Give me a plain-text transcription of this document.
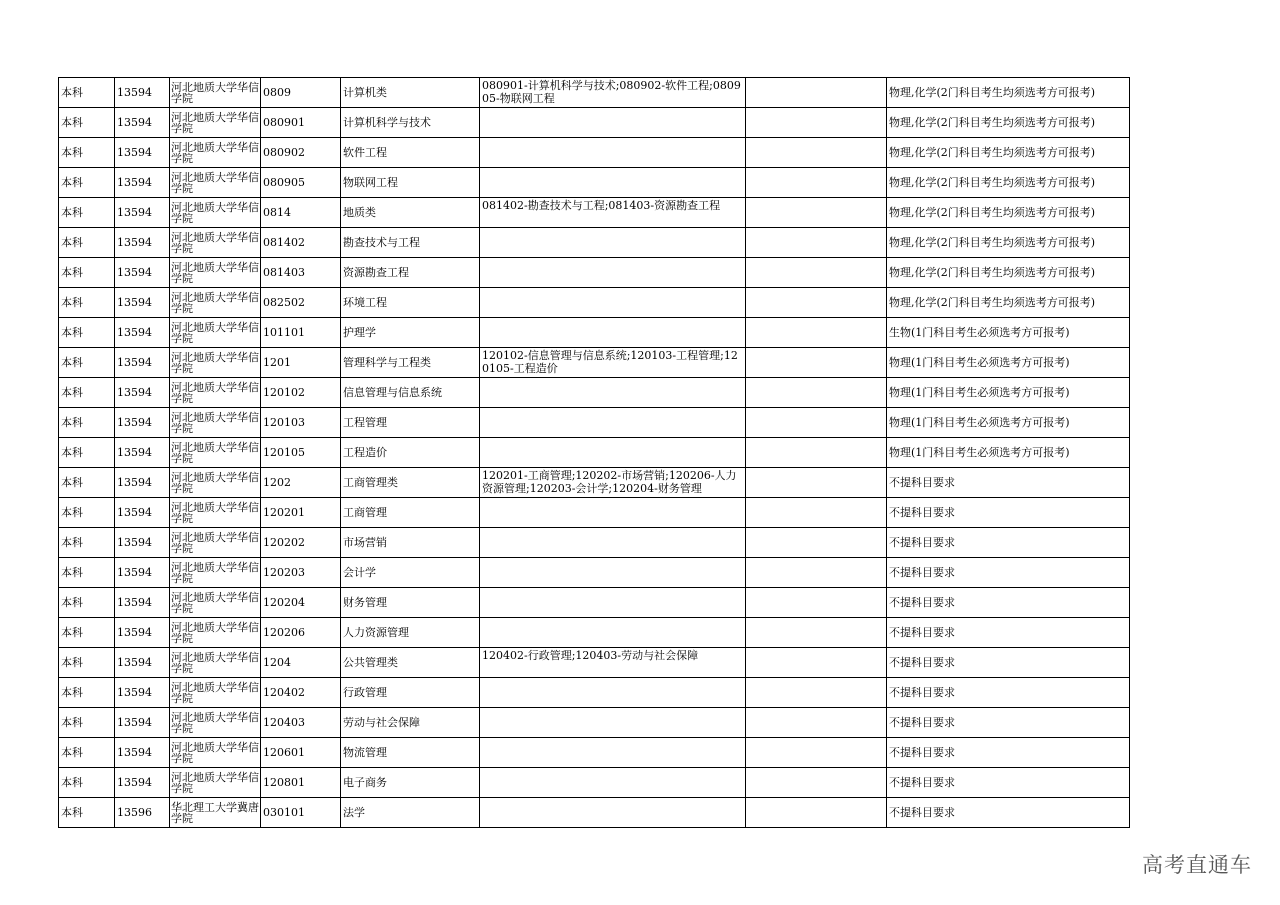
本科	13594	河北地质大学华信学院	0809	计算机类	080901-计算机科学与技术;080902-软件工程;080905-物联网工程		物理,化学(2门科目考生均须选考方可报考)
本科	13594	河北地质大学华信学院	080901	计算机科学与技术			物理,化学(2门科目考生均须选考方可报考)
本科	13594	河北地质大学华信学院	080902	软件工程			物理,化学(2门科目考生均须选考方可报考)
本科	13594	河北地质大学华信学院	080905	物联网工程			物理,化学(2门科目考生均须选考方可报考)
本科	13594	河北地质大学华信学院	0814	地质类	081402-勘查技术与工程;081403-资源勘查工程		物理,化学(2门科目考生均须选考方可报考)
本科	13594	河北地质大学华信学院	081402	勘查技术与工程			物理,化学(2门科目考生均须选考方可报考)
本科	13594	河北地质大学华信学院	081403	资源勘查工程			物理,化学(2门科目考生均须选考方可报考)
本科	13594	河北地质大学华信学院	082502	环境工程			物理,化学(2门科目考生均须选考方可报考)
本科	13594	河北地质大学华信学院	101101	护理学			生物(1门科目考生必须选考方可报考)
本科	13594	河北地质大学华信学院	1201	管理科学与工程类	120102-信息管理与信息系统;120103-工程管理;120105-工程造价		物理(1门科目考生必须选考方可报考)
本科	13594	河北地质大学华信学院	120102	信息管理与信息系统			物理(1门科目考生必须选考方可报考)
本科	13594	河北地质大学华信学院	120103	工程管理			物理(1门科目考生必须选考方可报考)
本科	13594	河北地质大学华信学院	120105	工程造价			物理(1门科目考生必须选考方可报考)
本科	13594	河北地质大学华信学院	1202	工商管理类	120201-工商管理;120202-市场营销;120206-人力资源管理;120203-会计学;120204-财务管理		不提科目要求
本科	13594	河北地质大学华信学院	120201	工商管理			不提科目要求
本科	13594	河北地质大学华信学院	120202	市场营销			不提科目要求
本科	13594	河北地质大学华信学院	120203	会计学			不提科目要求
本科	13594	河北地质大学华信学院	120204	财务管理			不提科目要求
本科	13594	河北地质大学华信学院	120206	人力资源管理			不提科目要求
本科	13594	河北地质大学华信学院	1204	公共管理类	120402-行政管理;120403-劳动与社会保障		不提科目要求
本科	13594	河北地质大学华信学院	120402	行政管理			不提科目要求
本科	13594	河北地质大学华信学院	120403	劳动与社会保障			不提科目要求
本科	13594	河北地质大学华信学院	120601	物流管理			不提科目要求
本科	13594	河北地质大学华信学院	120801	电子商务			不提科目要求
本科	13596	华北理工大学冀唐学院	030101	法学			不提科目要求
高考直通车
